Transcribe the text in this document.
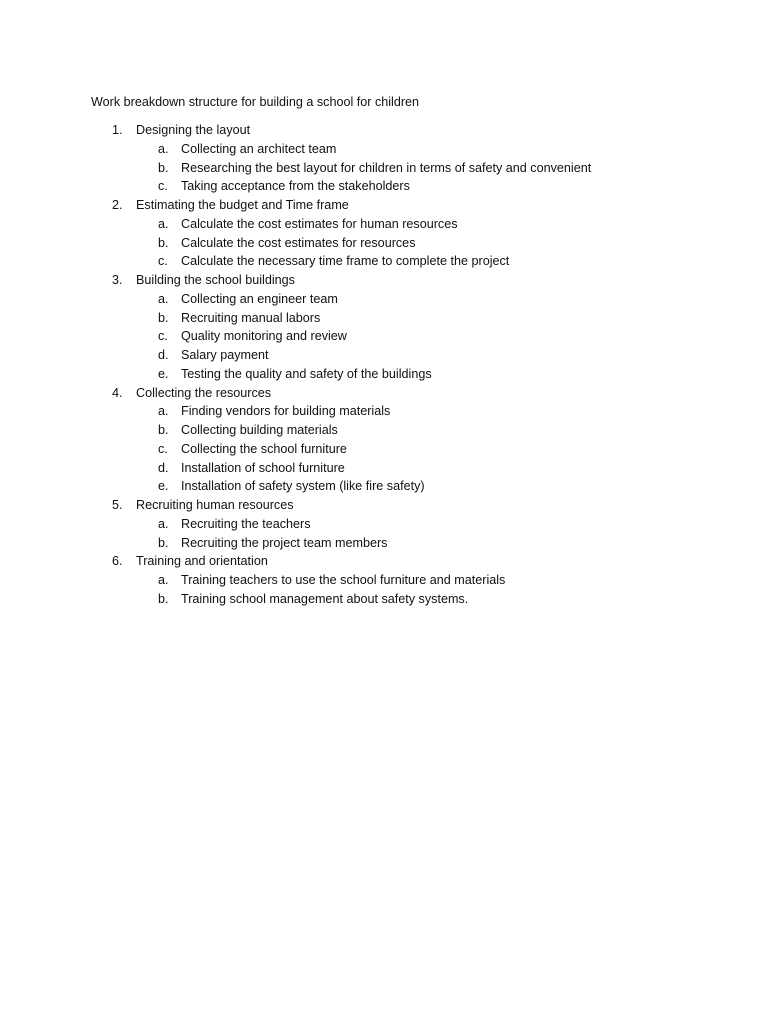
Work breakdown structure for building a school for children
1.	Designing the layout
a. Collecting an architect team
b. Researching the best layout for children in terms of safety and convenient
c.	Taking acceptance from the stakeholders
2.	Estimating the budget and Time frame
a. Calculate the cost estimates for human resources
b. Calculate the cost estimates for resources
c.	Calculate the necessary time frame to complete the project
3.	Building the school buildings
a. Collecting an engineer team
b. Recruiting manual labors
c.	Quality monitoring and review
d. Salary payment
e. Testing the quality and safety of the buildings
4.	Collecting the resources
a. Finding vendors for building materials
b. Collecting building materials
c.	Collecting the school furniture
d. Installation of school furniture
e. Installation of safety system (like fire safety)
5.	Recruiting human resources
a. Recruiting the teachers
b. Recruiting the project team members
6.	Training and orientation
a. Training teachers to use the school furniture and materials
b. Training school management about safety systems.
